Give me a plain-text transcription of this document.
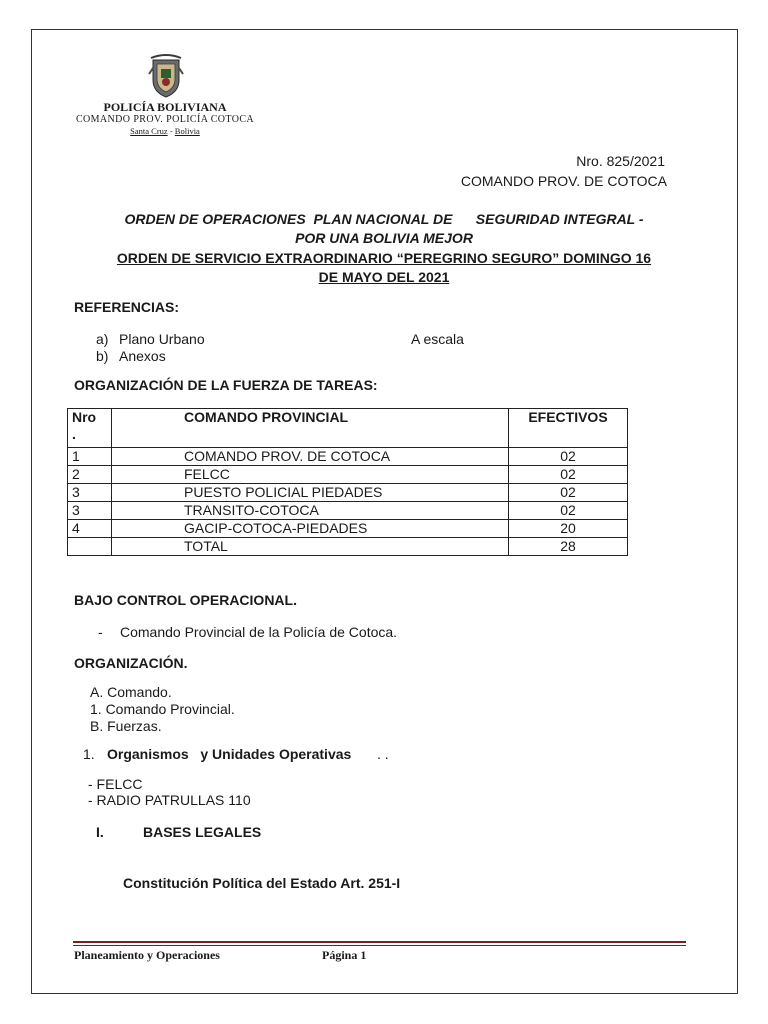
POLICÍA BOLIVIANA
COMANDO PROV. POLICÍA COTOCA
Santa Cruz - Bolivia
Nro. 825/2021
COMANDO PROV. DE COTOCA
ORDEN DE OPERACIONES  PLAN NACIONAL DE      SEGURIDAD INTEGRAL -
POR UNA BOLIVIA MEJOR
ORDEN DE SERVICIO EXTRAORDINARIO “PEREGRINO SEGURO” DOMINGO 16
DE MAYO DEL 2021
REFERENCIAS:
a) Plano Urbano	A escala
b) Anexos
ORGANIZACIÓN DE LA FUERZA DE TAREAS:
Nro
.	COMANDO PROVINCIAL	EFECTIVOS
1	COMANDO PROV. DE COTOCA	02
2	FELCC	02
3	PUESTO POLICIAL PIEDADES	02
3	TRANSITO-COTOCA	02
4	GACIP-COTOCA-PIEDADES	20
	TOTAL	28
BAJO CONTROL OPERACIONAL.
- Comando Provincial de la Policía de Cotoca.
ORGANIZACIÓN.
A. Comando.
1. Comando Provincial.
B. Fuerzas.
1. Organismos   y Unidades Operativas . .
- FELCC
- RADIO PATRULLAS 110
I.	BASES LEGALES
Constitución Política del Estado Art. 251-I
Planeamiento y Operaciones	Página 1
